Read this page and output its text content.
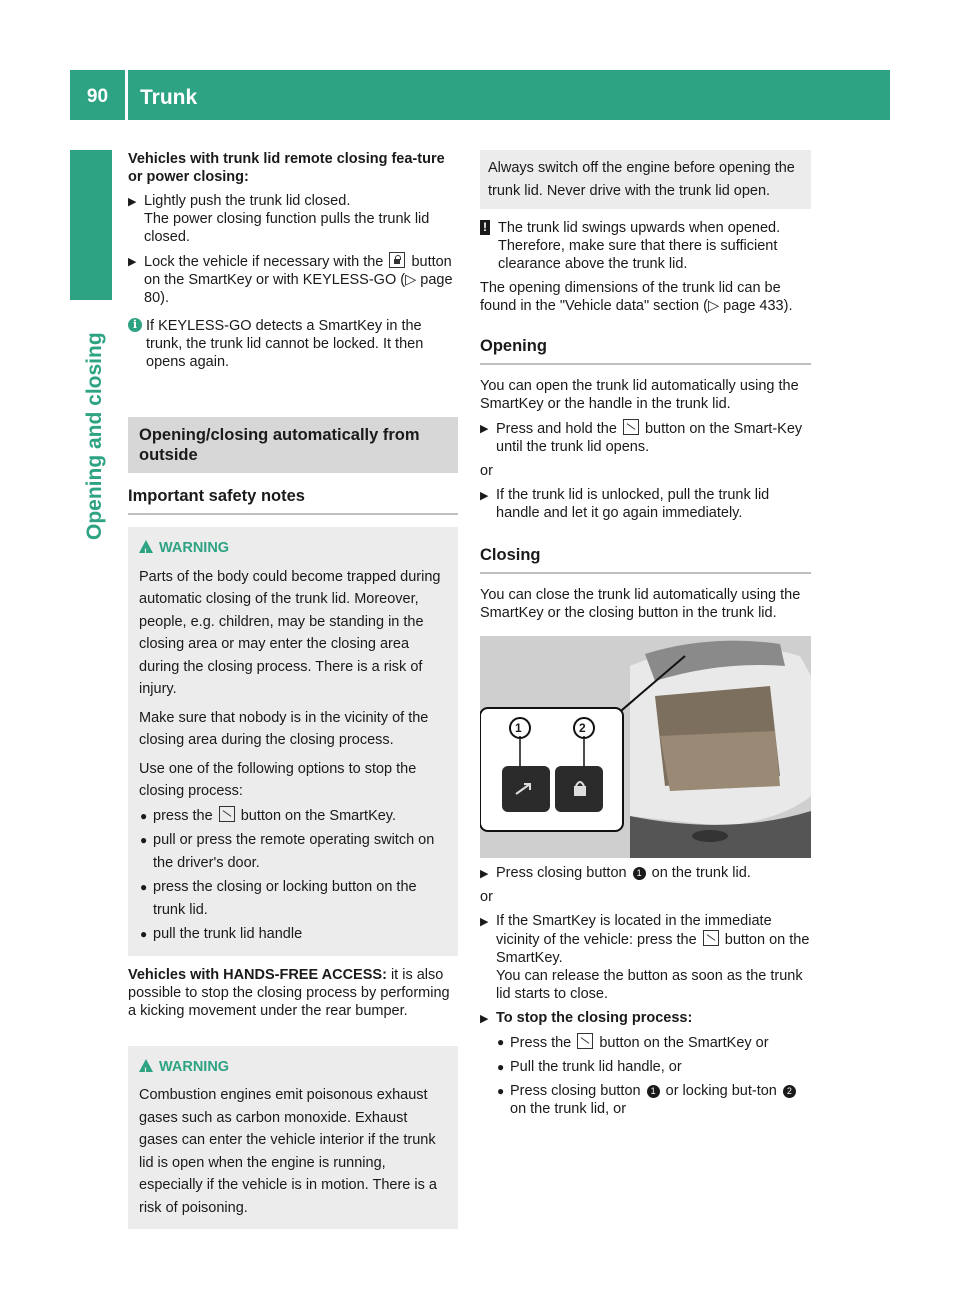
90	Trunk
Opening and closing

Vehicles with trunk lid remote closing fea-ture or power closing:

▶ Lightly push the trunk lid closed.
The power closing function pulls the trunk lid closed.
▶ Lock the vehicle if necessary with the button on the SmartKey or with KEYLESS-GO (▷ page 80).
i If KEYLESS-GO detects a SmartKey in the trunk, the trunk lid cannot be locked. It then opens again.
Opening/closing automatically from outside
Important safety notes
!
WARNING

Parts of the body could become trapped during automatic closing of the trunk lid. Moreover, people, e.g. children, may be standing in the closing area or may enter the closing area during the closing process. There is a risk of injury.

Make sure that nobody is in the vicinity of the closing area during the closing process.

Use one of the following options to stop the closing process:

● press the button on the SmartKey.
● pull or press the remote operating switch on the driver's door.
● press the closing or locking button on the trunk lid.
● pull the trunk lid handle

Vehicles with HANDS-FREE ACCESS: it is also possible to stop the closing process by performing a kicking movement under the rear bumper.

!
WARNING

Combustion engines emit poisonous exhaust gases such as carbon monoxide. Exhaust gases can enter the vehicle interior if the trunk lid is open when the engine is running, especially if the vehicle is in motion. There is a risk of poisoning.

Always switch off the engine before opening the trunk lid. Never drive with the trunk lid open.
! The trunk lid swings upwards when opened. Therefore, make sure that there is sufficient clearance above the trunk lid.

The opening dimensions of the trunk lid can be found in the "Vehicle data" section (▷ page 433).

Opening

You can open the trunk lid automatically using the SmartKey or the handle in the trunk lid.

▶ Press and hold the button on the Smart-Key until the trunk lid opens.

or

▶ If the trunk lid is unlocked, pull the trunk lid handle and let it go again immediately.
Closing

You can close the trunk lid automatically using the SmartKey or the closing button in the trunk lid.

1	2
P80.61-2569-31
▶ Press closing button 1 on the trunk lid.

or

▶ If the SmartKey is located in the immediate vicinity of the vehicle: press the button on the SmartKey.
You can release the button as soon as the trunk lid starts to close.
▶ To stop the closing process:
● Press the button on the SmartKey or
● Pull the trunk lid handle, or
● Press closing button 1 or locking but-ton 2 on the trunk lid, or
